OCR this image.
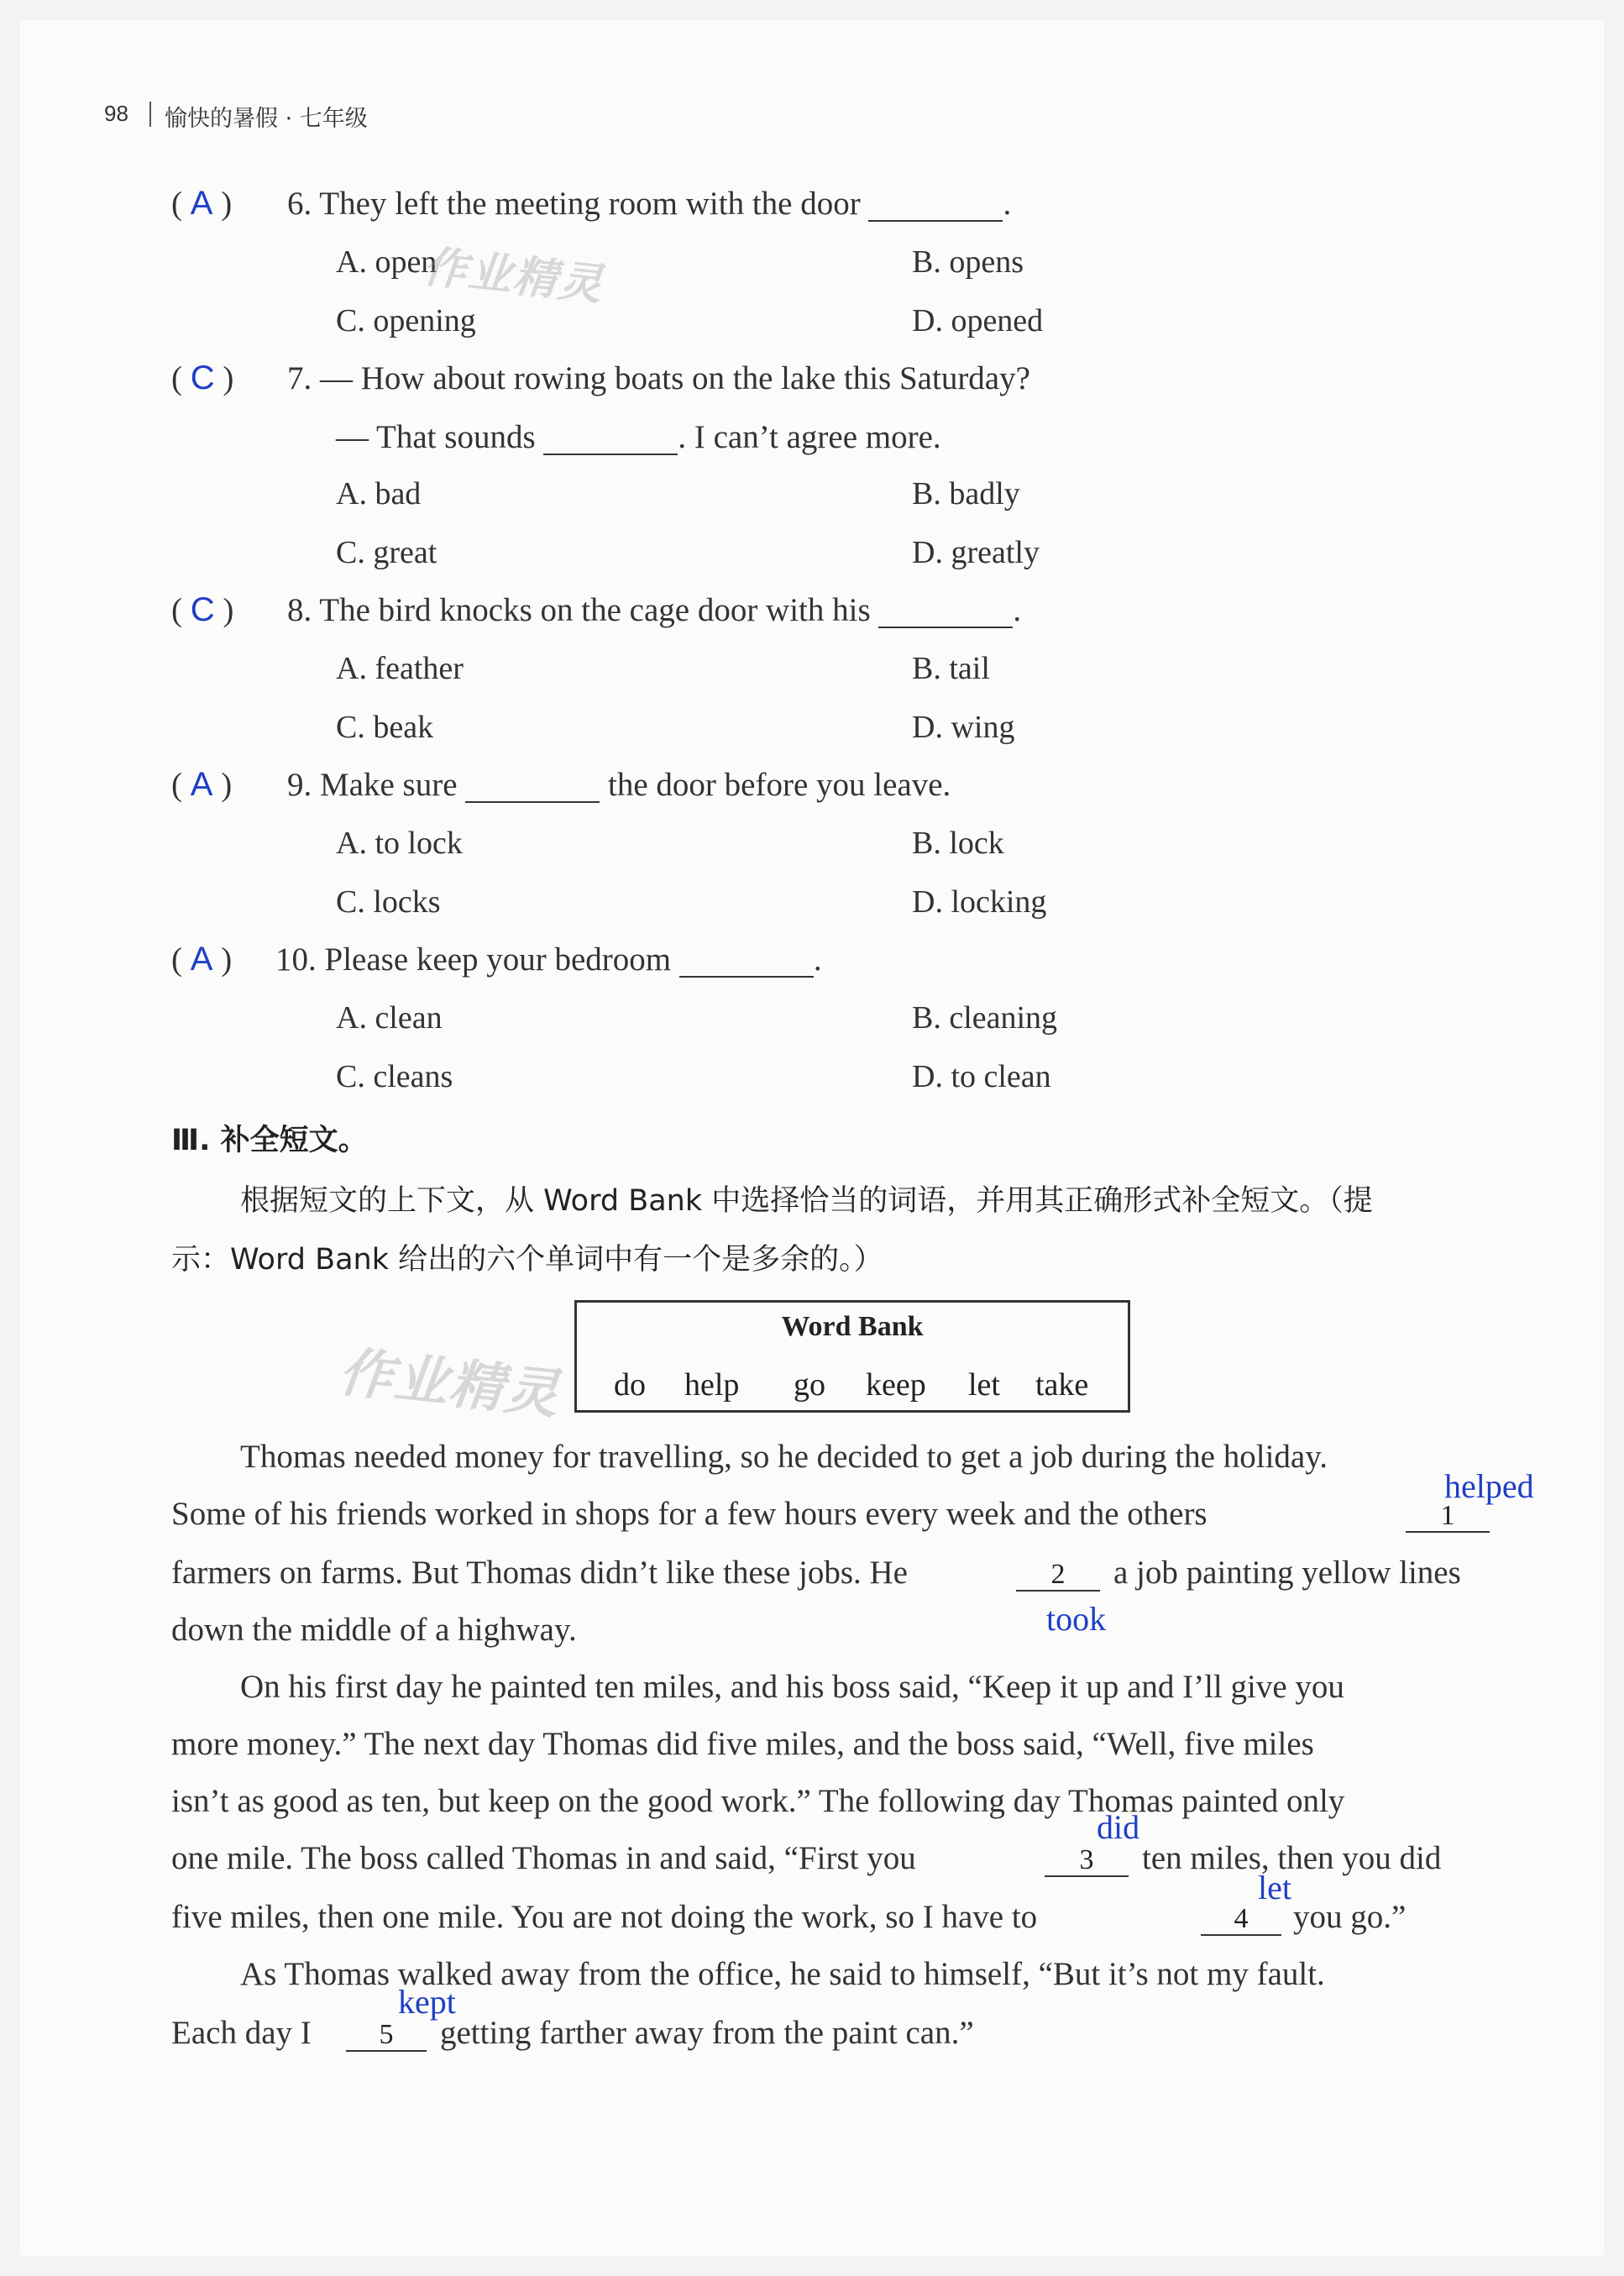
98 愉快的暑假 · 七年级
( A ) 6. They left the meeting room with the door	.
A. open	B. opens
C. opening	D. opened
( C ) 7. — How about rowing boats on the lake this Saturday?
— That sounds	. I can’t agree more.
A. bad	B. badly
C. great	D. greatly
( C ) 8. The bird knocks on the cage door with his	.
A. feather	B. tail
C. beak	D. wing
( A ) 9. Make sure	the door before you leave.
A. to lock	B. lock
C. locks	D. locking
( A ) 10. Please keep your bedroom	.
A. clean	B. cleaning
C. cleans	D. to clean
Ⅲ. 补全短文。
根据短文的上下文，从 Word Bank 中选择恰当的词语，并用其正确形式补全短文。（提
示：Word Bank 给出的六个单词中有一个是多余的。）
Word Bank
do help go keep let take
Thomas needed money for travelling, so he decided to get a job during the holiday.
Some of his friends worked in shops for a few hours every week and the others	1
helped
farmers on farms. But Thomas didn’t like these jobs. He	2	a job painting yellow lines
down the middle of a highway.	took
On his first day he painted ten miles, and his boss said, “Keep it up and I’ll give you
more money.” The next day Thomas did five miles, and the boss said, “Well, five miles
isn’t as good as ten, but keep on the good work.” The following day Thomas painted only
one mile. The boss called Thomas in and said, “First you	3
did
ten miles, then you did
five miles, then one mile. You are not doing the work, so I have to	4
let
you go.”
As Thomas walked away from the office, he said to himself, “But it’s not my fault.
Each day I	5
kept
getting farther away from the paint can.”
作业精灵
作业精灵
